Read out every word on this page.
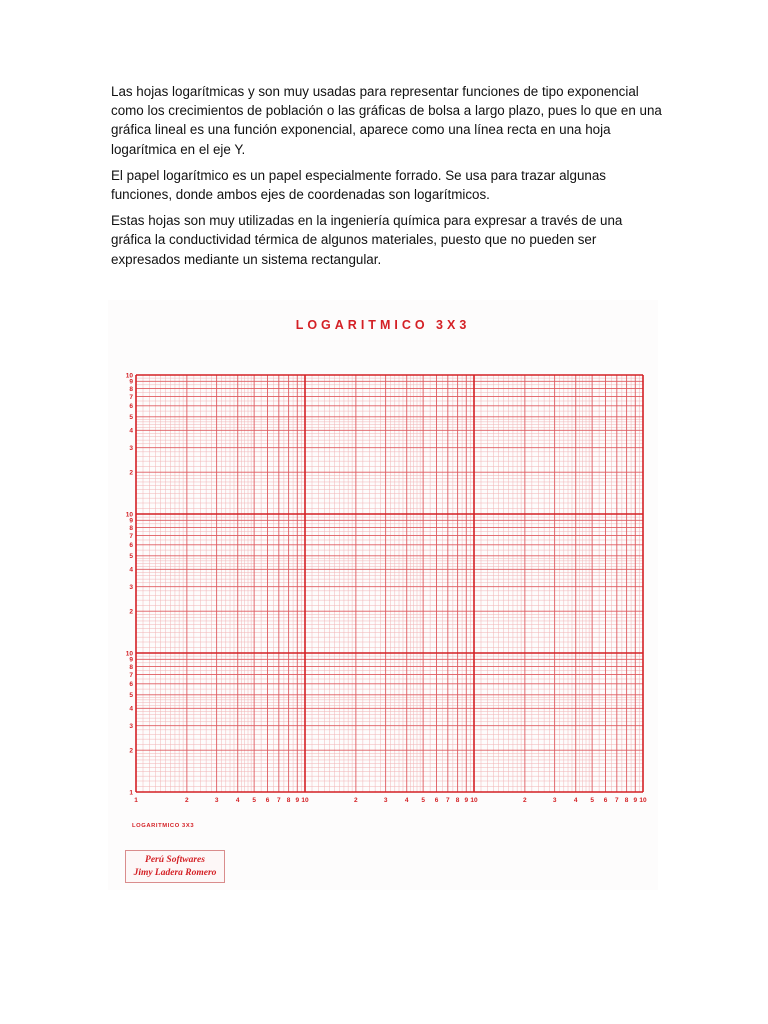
Las hojas logarítmicas y son muy usadas para representar funciones de tipo exponencial como los crecimientos de población o las gráficas de bolsa a largo plazo, pues lo que en una gráfica lineal es una función exponencial, aparece como una línea recta en una hoja logarítmica en el eje Y.

El papel logarítmico es un papel especialmente forrado. Se usa para trazar algunas funciones, donde ambos ejes de coordenadas son logarítmicos.

Estas hojas son muy utilizadas en la ingeniería química para expresar a través de una gráfica la conductividad térmica de algunos materiales, puesto que no pueden ser expresados mediante un sistema rectangular.

LOGARITMICO 3X3
1	2	3	4 5 6 7 8 9 10	2	3	4 5 6 7 8 9 10	2	3	4 5 6 7 8 9 10
1
2
3
4
5
6
7
8
9
10
2
3
4
5
6
7
8
9
10
2
3
4
5
6
7
8
9
10
LOGARITMICO 3X3
Perú Softwares
Jimy Ladera Romero
